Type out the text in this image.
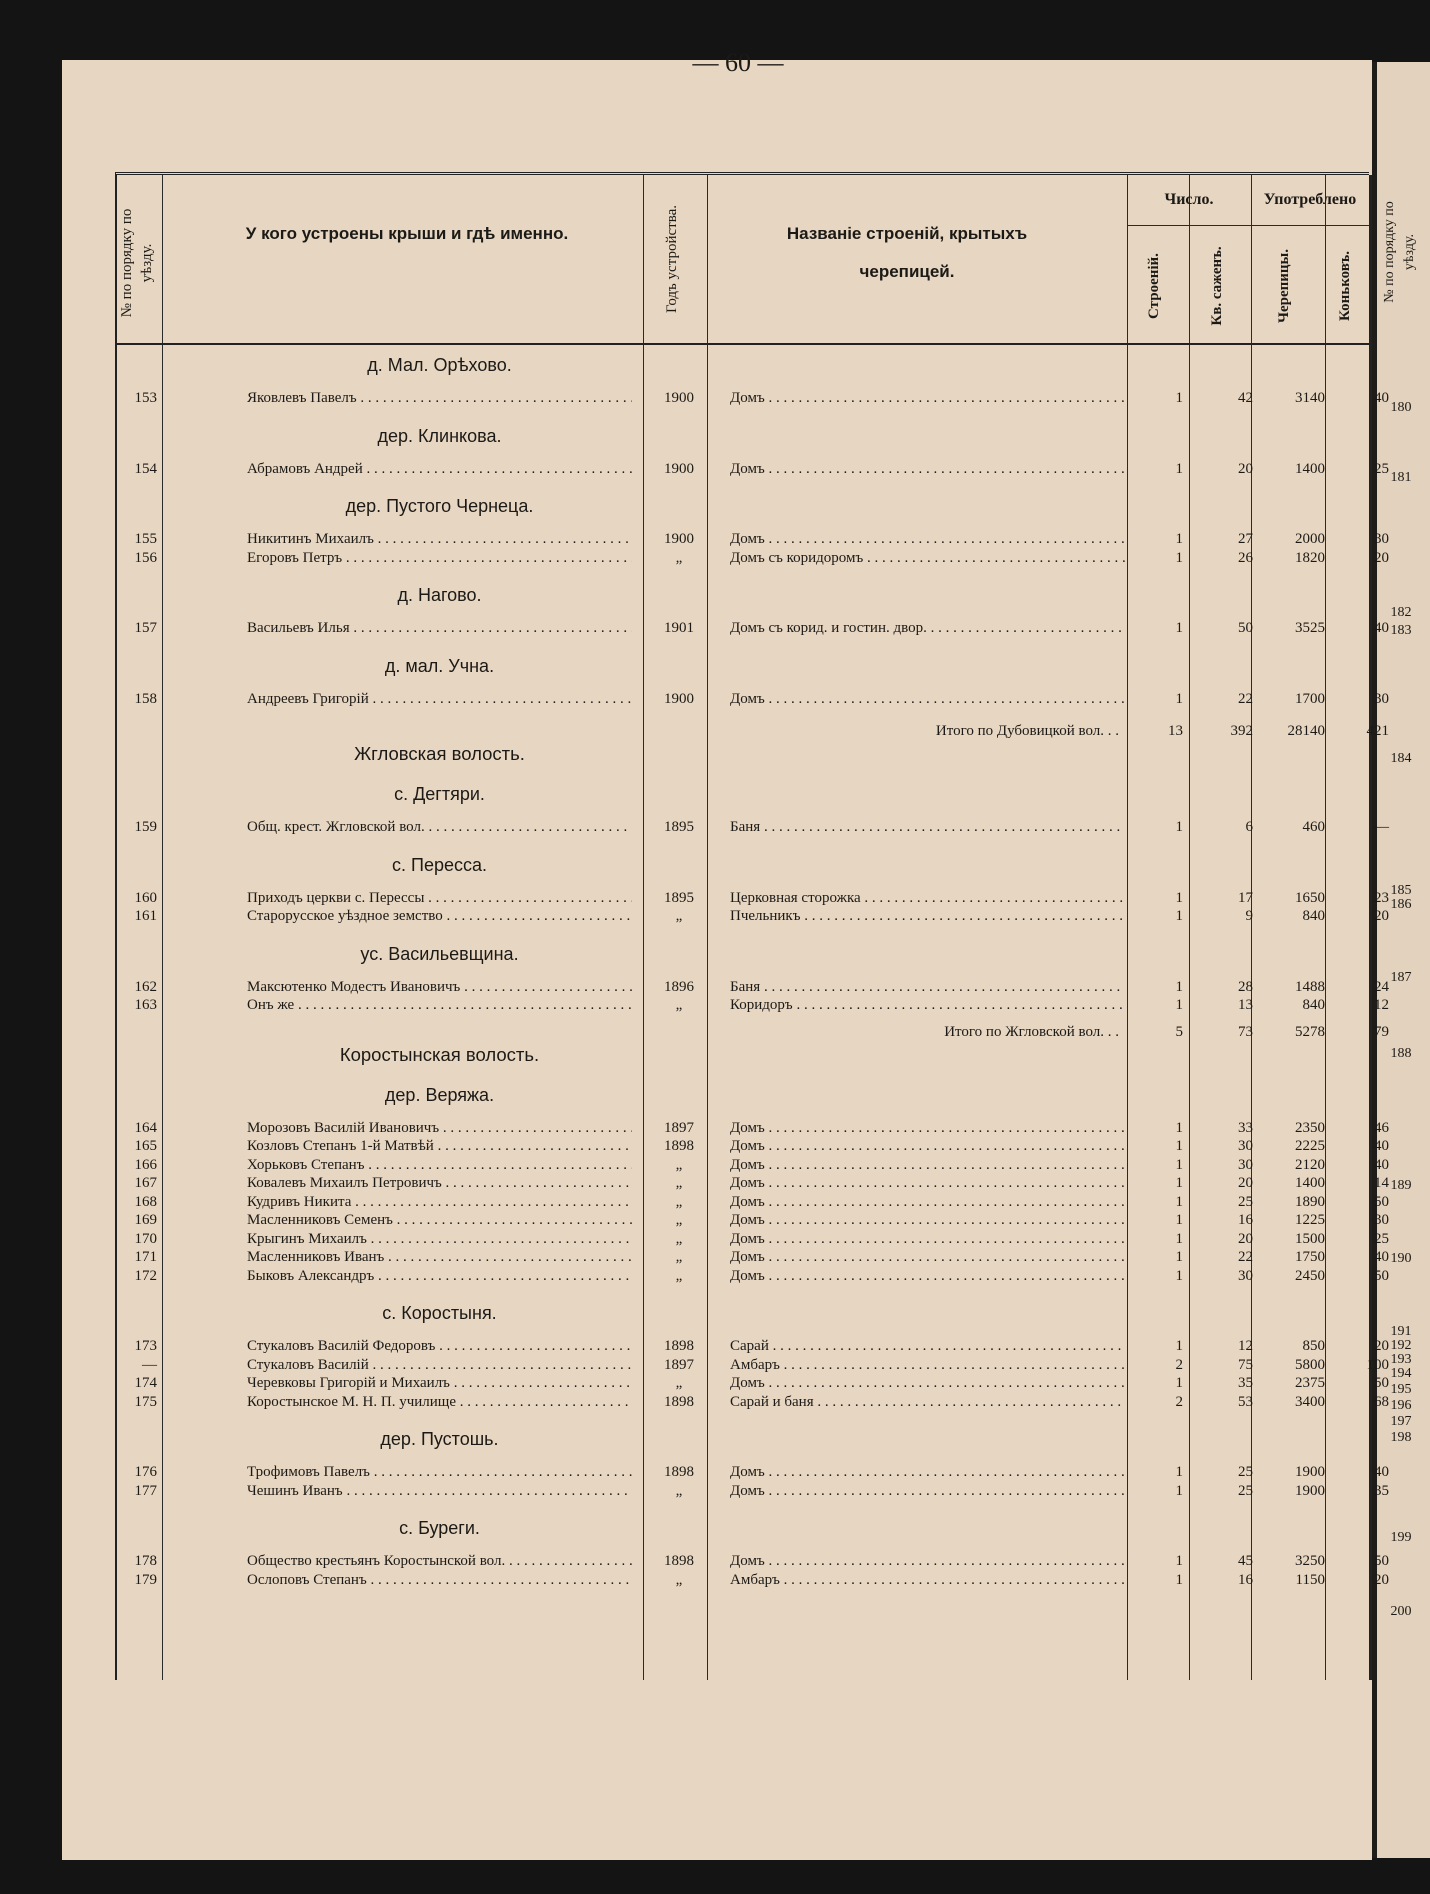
— 60 —
№ по порядку по уѣзду.
У кого устроены крыши и гдѣ именно.	Годъ устройства.	Названіе строеній, крытыхъ черепицей.
Число.	Употреблено
Строеній.	Кв. саженъ.	Черепицы.	Коньковъ.
д. Мал. Орѣхово.
153	Яковлевъ Павелъ . . .	1900	Домъ . . .	1	42	3140	40
дер. Клинкова.
154	Абрамовъ Андрей . . .	1900	Домъ . . .	1	20	1400	25
дер. Пустого Чернеца.
155	Никитинъ Михаилъ . . .	1900	Домъ . . .	1	27	2000	30
156	Егоровъ Петръ . . .	„	Домъ съ коридоромъ . . .	1	26	1820	20
д. Нагово.
157	Васильевъ Илья . . .	1901	Домъ съ корид. и гостин. двор. . . .	1	50	3525	40
д. мал. Учна.
158	Андреевъ Григорій . . .	1900	Домъ . . .	1	22	1700	30
Итого по Дубовицкой вол. . .	13	392	28140	421
Жгловская волость.
с. Дегтяри.
159	Общ. крест. Жгловской вол. . . .	1895	Баня . . .	1	6	460	—
с. Пересса.
160	Приходъ церкви с. Пересcы . . .	1895	Церковная сторожка . . .	1	17	1650	23
161	Старорусское уѣздное земство . . .	„	Пчельникъ . . .	1	9	840	20
ус. Васильевщина.
162	Максютенко Модестъ Ивановичъ . . .	1896	Баня . . .	1	28	1488	24
163	Онъ же . . .	„	Коридоръ . . .	1	13	840	12
Итого по Жгловской вол. . .	5	73	5278	79
Коростынская волость.
дер. Веряжа.
164	Морозовъ Василій Ивановичъ . . .	1897	Домъ . . .	1	33	2350	46
165	Козловъ Степанъ 1-й Матвѣй . . .	1898	Домъ . . .	1	30	2225	40
166	Хорьковъ Степанъ . . .	„	Домъ . . .	1	30	2120	40
167	Ковалевъ Михаилъ Петровичъ . . .	„	Домъ . . .	1	20	1400	14
168	Кудривъ Никита . . .	„	Домъ . . .	1	25	1890	50
169	Масленниковъ Семенъ . . .	„	Домъ . . .	1	16	1225	30
170	Крыгинъ Михаилъ . . .	„	Домъ . . .	1	20	1500	25
171	Масленниковъ Иванъ . . .	„	Домъ . . .	1	22	1750	40
172	Быковъ Александръ . . .	„	Домъ . . .	1	30	2450	50
с. Коростыня.
173	Стукаловъ Василій Федоровъ . . .	1898	Сарай . . .	1	12	850	20
—	Стукаловъ Василій . . .	1897	Амбаръ . . .	2	75	5800	100
174	Черевковы Григорій и Михаилъ . . .	„	Домъ . . .	1	35	2375	50
175	Коростынское М. Н. П. училище . . .	1898	Сарай и баня . . .	2	53	3400	68
дер. Пустошь.
176	Трофимовъ Павелъ . . .	1898	Домъ . . .	1	25	1900	40
177	Чешинъ Иванъ . . .	„	Домъ . . .	1	25	1900	35
с. Буреги.
178	Общество крестьянъ Коростынской вол. . . .	1898	Домъ . . .	1	45	3250	50
179	Ослоповъ Степанъ . . .	„	Амбаръ . . .	1	16	1150	20
№ по порядку по уѣзду.
180
181
182
183
184
185
186
187
188
189
190
191
192
193
194
195
196
197
198
199
200
